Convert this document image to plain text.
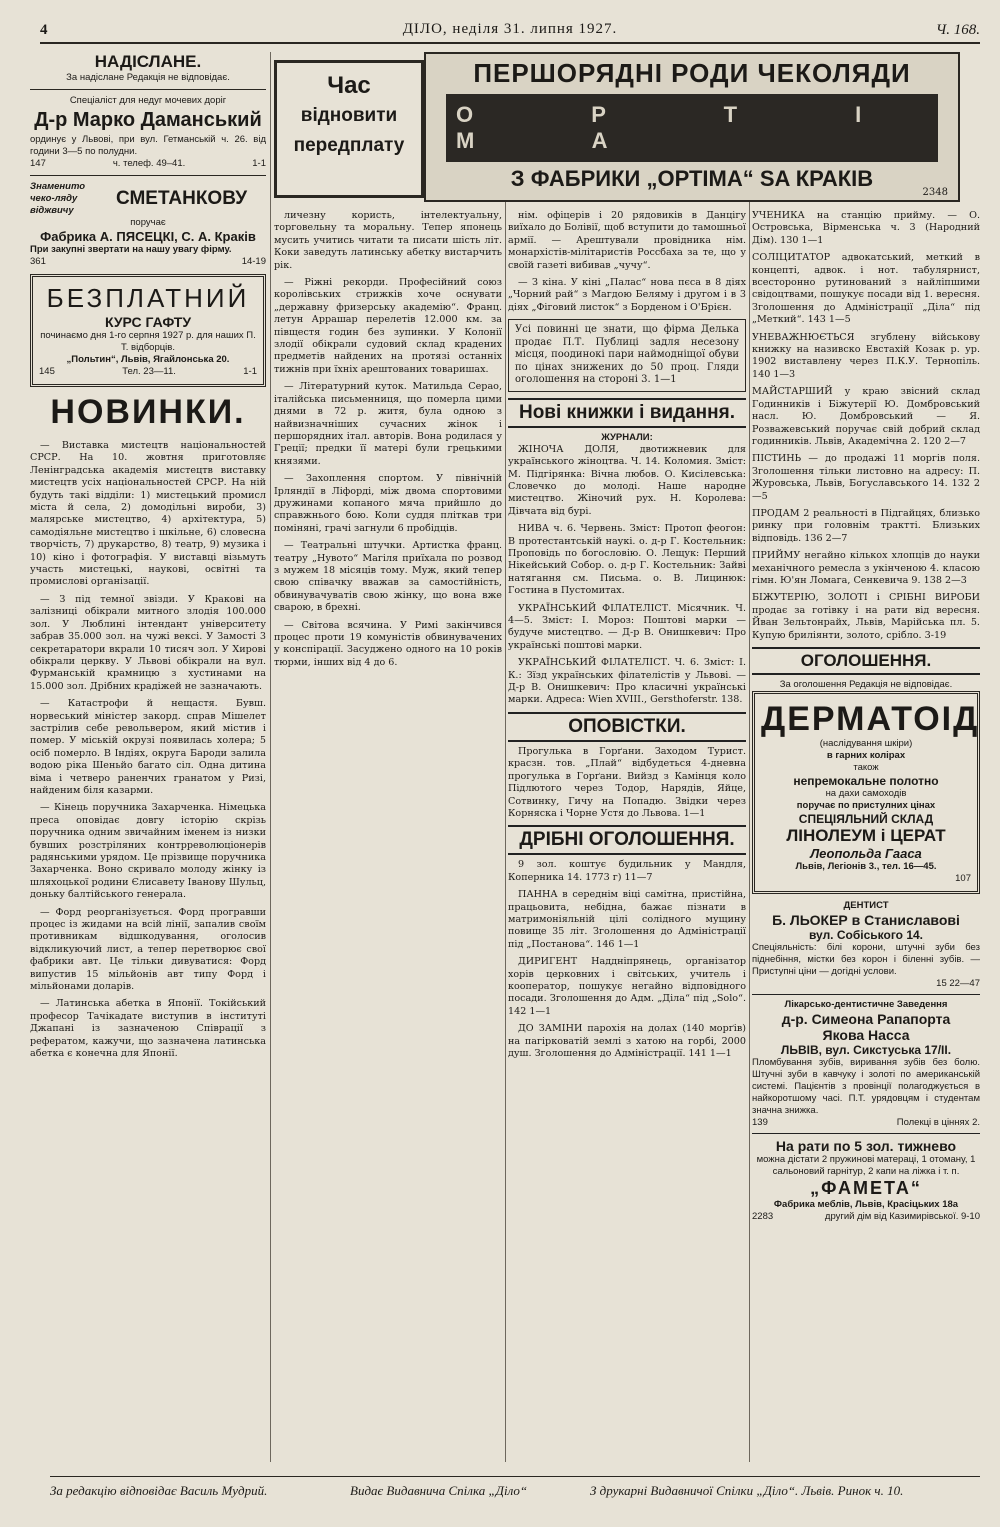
4	ДІЛО, неділя 31. липня 1927.	Ч. 168.
НАДІСЛАНЕ.
За надіслане Редакція не відповідає.
Спеціаліст для недуг мочевих доріг
Д-р Марко Даманський
ординує у Львові, при вул. Гетманській ч. 26. від години 3—5 по полудни.
147	ч. телеф. 49–41.	1-1
Знаменито чеко-ляду віджвичу
СМЕТАНКОВУ
поручає
Фабрика А. ПЯСЕЦКІ, С. А. Краків
При закупні звертати на нашу увагу фірму.
361	14-19
БЕЗПЛАТНИЙ
КУРС ГАФТУ
починаємо дня 1-го серпня 1927 р. для наших П. Т. відборців.
„Польтин“, Львів, Ягайлонська 20.
145	Тел. 23—11.	1-1
НОВИНКИ.

— Виставка мистецтв національностей СРСР. На 10. жовтня приготовляє Ленінградська академія мистецтв виставку мистецтв усіх національностей СРСР. На ній будуть такі відділи: 1) мистецький промисл міста й села, 2) домодільні вироби, 3) малярське мистецтво, 4) архітектура, 5) самодіяльне мистецтво і шкільне, 6) словесна творчість, 7) друкарство, 8) театр, 9) музика і 10) кіно і фотографія. У виставці візьмуть участь мистецькі, наукові, освітні та промислові організації.

— З під темної звізди. У Кракові на залізниці обікрали митного злодія 100.000 зол. У Люблині інтендант університету забрав 35.000 зол. на чужі вексі. У Замості 3 секретаратори вкрали 10 тисяч зол. У Хировi обікрали церкву. У Львові обікрали на вул. Фурманській крамницю з хустинами на 15.000 зол. Дрібних крадіжей не зазначають.

— Катастрофи й нещастя. Бувш. норвеський міністер закорд. справ Мішелет застрілив себе револьвером, який містив і помер. У міській окрузі появилась холера; 5 осіб померло. В Індіях, округа Бароди залила водою ріка Шеньйо багато сіл. Одна дитина віма і четверо раненчих гранатом у Ризі, найденим біля казарми.

— Кінець поручника Захарченка. Німецька преса оповідає довгу історію скрізь поручника одним звичайним іменем із низки бувших розстріляних контрреволюціонерів радянськими урядом. Це прізвище поручника Захарченка. Воно скривало молоду жінку із шляхоцької родини Єлисавету Іванову Шульц, доньку балтійського генерала.

— Форд реорганізується. Форд програвши процес із жидами на всій лінії, запалив своїм противникам відшкодування, оголосив відкликуючий лист, а тепер перетворює свої фабрики авт. Це тільки дивуватися: Форд випустив 15 мільйонів авт типу Форд і мільйонами доларів.

— Латинська абетка в Японії. Токійський професор Тачікадате виступив в інституті Джапані із зазначеною Співрації з рефератом, кажучи, що зазначена латинська абетка є конечна для Японії.

Час
відновити
передплату
ПЕРШОРЯДНІ РОДИ ЧЕКОЛЯДИ
O P T I M A
З ФАБРИКИ „ОРТІМА“ SA КРАКІВ
2348

личезну користь, інтелектуальну, торговельну та моральну. Тепер японець мусить учитись читати та писати шість літ. Коки заведуть латинську абетку вистарчить рік.

— Ріжні рекорди. Професійний союз королівських стрижків хоче оснувати „державну фризерську академію“. Франц. летун Аррашар перелетів 12.000 км. за півщестя годин без зупинки. У Колонії злодії обікрали судовий склад крадених предметів найдених на протязі останніх тижнів при їхніх арештованих товаришах.

— Літературний куток. Матильда Серао, італійська письменниця, що померла цими днями в 72 р. житя, була одною з найвизначніших сучасних жінок і першорядних італ. авторів. Вона родилася у Греції; предки її матері були грецькими князями.

— Захоплення спортом. У північній Ірляндії в Ліфорді, між двома спортовими дружинами копаного мяча прийшло до справжнього бою. Коли суддя пліткав три поміняні, грачі загнули 6 пробідців.

— Театральні штучки. Артистка франц. театру „Нувото“ Магіля приїхала по розвод з мужем 18 місяців тому. Муж, який тепер свою співачку вважав за самостійність, обвинувачуватів свою жінку, що вона вже сварою, в брехні.

— Світова всячина. У Римі закінчився процес проти 19 комуністів обвинувачених у конспірації. Засуджено одного на 10 років тюрми, інших від 4 до 6.

нім. офіцерів і 20 рядовиків в Данцігу виїхало до Болівії, щоб вступити до тамошньої армії. — Арештували провідника нім. монархістів-мілітаристів Россбаха за те, що у своїй газеті вибивав „чучу“.

— З кіна. У кіні „Палас“ нова пєса в 8 діях „Чорний рай“ з Магдою Беляму і другом і в 3 діях „Фіговий листок“ з Борденом і О'Брієн.

Усі повинні це знати, що фірма Делька продає П.Т. Публиці задля несезону місця, поодинокі пари наймодніщої обуви по цінах знижених до 50 проц. Гляди оголошення на стороні 3. 1—1
Нові книжки і видання.
ЖУРНАЛИ:

ЖІНОЧА ДОЛЯ, двотижневик для українського жіноцтва. Ч. 14. Коломия. Зміст: М. Підгірянка: Вічна любов. О. Кисілевська: Словечко до молоді. Наше народне мистецтво. Жіночий рух. Н. Королева: Дівчата від бурі.

НИВА ч. 6. Червень. Зміст: Протоп феогон: В протестантській наукі. о. д-р Г. Костельник: Проповідь по богословію. О. Лещук: Перший Нікейський Собор. о. д-р Г. Костельник: Зайві натягання см. Письма. о. В. Лицинюк: Гостина в Пустомитах.

УКРАЇНСЬКИЙ ФІЛАТЕЛІСТ. Місячник. Ч. 4—5. Зміст: І. Мороз: Поштові марки — будуче мистецтво. — Д-р В. Онишкевич: Про українські поштові марки.

УКРАЇНСЬКИЙ ФІЛАТЕЛІСТ. Ч. 6. Зміст: І. К.: Зїзд українських філателістів у Львові. — Д-р В. Онишкевич: Про класичні українські марки. Адреса: Wien XVIII., Gersthoferstr. 138.

ОПОВІСТКИ.

Прогулька в Горґани. Заходом Турист. красзн. тов. „Плай“ відбудеться 4-дневна прогулька в Горґани. Вийзд з Камінця коло Підлютого через Тодор, Нарядів, Яйце, Сотвинку, Гичу на Попадю. Звідки через Корняска і Чорне Устя до Львова. 1—1

ДРІБНІ ОГОЛОШЕННЯ.

9 зол. коштує будильник у Мандля, Коперника 14. 1773 г) 11—7

ПАННА в середнім віці самітна, пристійна, працьовита, небідна, бажає пізнати в матримоніяльній цілі солідного мущину повище 35 літ. Зголошення до Адміністрації під „Постанова“. 146 1—1

ДИРИГЕНТ Наддніпрянець, організатор хорів церковних і світських, учитель і кооператор, пошукує негайно відповідного посади. Зголошення до Адм. „Діла“ під „Solo“. 142 1—1

ДО ЗАМІНИ парохія на долах (140 морґів) на пагірковатій землі з хатою на горбі, 2000 душ. Зголошення до Адміністрації. 141 1—1

УЧЕНИКА на станцію прийму. — О. Островська, Вірменська ч. 3 (Народний Дім). 130 1—1

СОЛІЦИТАТОР адвокатський, меткий в концепті, адвок. і нот. табулярнист, всесторонно рутинований з найліпшими свідоцтвами, пошукує посади від 1. вересня. Зголошення до Адміністрації „Діла“ під „Меткий“. 143 1—5

УНЕВАЖНЮЄТЬСЯ згублену військову книжку на називско Евстахій Козак р. ур. 1902 виставлену через П.К.У. Тернопіль. 140 1—3

МАЙСТАРШИЙ у краю звісний склад Годинників і Біжутерії Ю. Домбровський насл. Ю. Домбровський — Я. Розважевський поручає свій добрий склад годинників. Львів, Академічна 2. 120 2—7

ПІСТИНЬ — до продажі 11 моргів поля. Зголошення тільки листовно на адресу: П. Журовська, Львів, Богуславського 14. 132 2—5

ПРОДАМ 2 реальності в Підгайцях, близько ринку при головнім трактті. Близьких відповідь. 136 2—7

ПРИЙМУ негайно кількох хлопців до науки механічного ремесла з укінченою 4. класою гімн. Ю'ян Ломага, Сенкевича 9. 138 2—3

БІЖУТЕРІЮ, ЗОЛОТІ і СРІБНІ ВИРОБИ продає за готівку і на рати від вересня. Йван Зельтонрайх, Львів, Марійська пл. 5. Купую бриліянти, золото, срібло. 3-19

ОГОЛОШЕННЯ.
За оголошення Редакція не відповідає.
ДЕРМАТОІД
(наслідування шкіри)
в гарних колірах
також
непремокальне полотно
на дахи самоходів
поручає по пристулних цінах
СПЕЦІЯЛЬНИЙ СКЛАД
ЛІНОЛЕУМ і ЦЕРАТ
Леопольда Гааса
Львів, Легіонів 3., тел. 16—45.
107
ДЕНТИСТ
Б. ЛЬОКЕР в Станиславові
вул. Собіського 14.
Спеціяльність: білі корони, штучні зуби без піднебіння, містки без корон і біленні зубів. — Приступні ціни — догідні услови.
15 22—47
Лікарсько-дентистичне Заведення
д-р. Симеона Рапапорта
Якова Насса
ЛЬВІВ, вул. Сикстуська 17/II.
Пломбування зубів, виривання зубів без болю. Штучні зуби в кавчуку і золоті по американській системі. Пацієнтів з провінції полагоджується в найкоротшому часі. П.Т. урядовцям і студентам значна знижка.
139	Полекці в ціннях 2.
На рати по 5 зол. тижнево
можна дістати 2 пружинові матераці, 1 отоману, 1 сальоновий гарнітур, 2 капи на ліжка і т. п.
„ФАМЕТА“
Фабрика меблів, Львів, Красіцьких 18а
2283	другий дім від Казимирівської. 9-10
За редакцію відповідає Василь Мудрий.	Видає Видавнича Спілка „Діло“	З друкарні Видавничої Спілки „Діло“. Львів. Ринок ч. 10.
